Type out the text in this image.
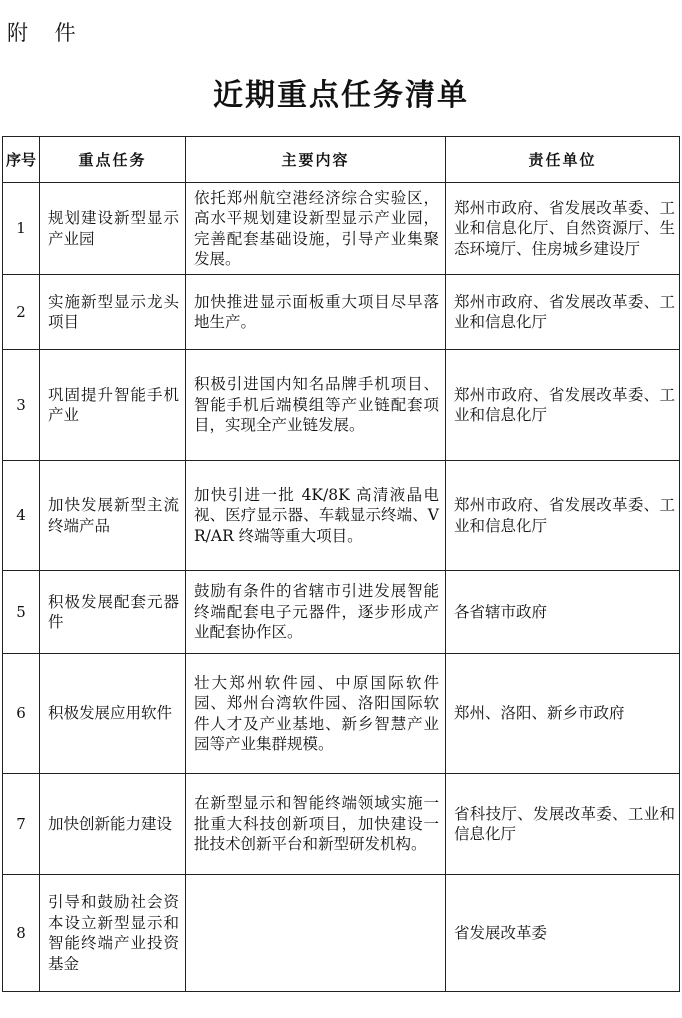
附 件
近期重点任务清单
序号	重点任务	主要内容	责任单位
1	规划建设新型显示产业园	依托郑州航空港经济综合实验区，高水平规划建设新型显示产业园，完善配套基础设施，引导产业集聚发展。	郑州市政府、省发展改革委、工业和信息化厅、自然资源厅、生态环境厅、住房城乡建设厅

2	实施新型显示龙头项目	加快推进显示面板重大项目尽早落地生产。	郑州市政府、省发展改革委、工业和信息化厅

3	巩固提升智能手机产业	积极引进国内知名品牌手机项目、智能手机后端模组等产业链配套项目，实现全产业链发展。	郑州市政府、省发展改革委、工业和信息化厅

4	加快发展新型主流终端产品	加快引进一批 4K/8K 高清液晶电视、医疗显示器、车载显示终端、VR/AR 终端等重大项目。	郑州市政府、省发展改革委、工业和信息化厅

5	积极发展配套元器件	鼓励有条件的省辖市引进发展智能终端配套电子元器件，逐步形成产业配套协作区。	各省辖市政府

6	积极发展应用软件	壮大郑州软件园、中原国际软件园、郑州台湾软件园、洛阳国际软件人才及产业基地、新乡智慧产业园等产业集群规模。	郑州、洛阳、新乡市政府

7	加快创新能力建设	在新型显示和智能终端领域实施一批重大科技创新项目，加快建设一批技术创新平台和新型研发机构。	省科技厅、发展改革委、工业和信息化厅

8	引导和鼓励社会资本设立新型显示和智能终端产业投资基金		省发展改革委
